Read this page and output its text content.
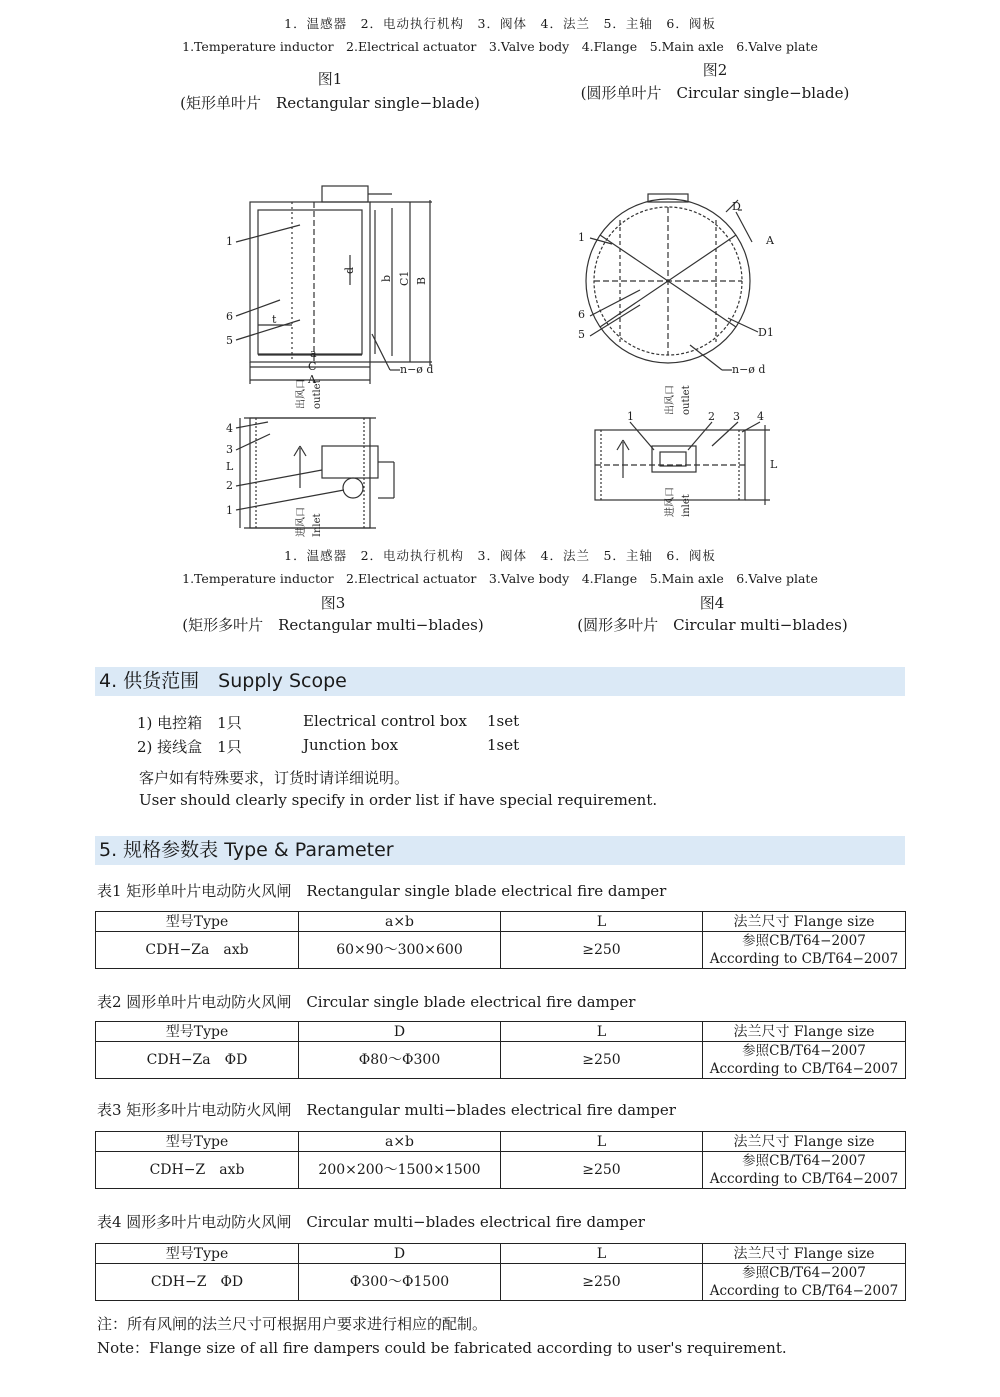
1．温感器　2．电动执行机构　3．阀体　4．法兰　5．主轴　6．阀板
1.Temperature inductor　2.Electrical actuator　3.Valve body　4.Flange　5.Main axle　6.Valve plate
图1
(矩形单叶片　Rectangular single−blade)
图2
(圆形单叶片　Circular single−blade)
1
6
5
a
C
A
t
d
b C1 B
n−ø d
1
6
5
D
A
D1
n−ø d
4
3
2
1
L
出风口 outlet
进风口 Inlet
1	2 3 4
L
出风口 outlet
进风口 inlet
1．温感器　2．电动执行机构　3．阀体　4．法兰　5．主轴　6．阀板
1.Temperature inductor　2.Electrical actuator　3.Valve body　4.Flange　5.Main axle　6.Valve plate
图3
(矩形多叶片　Rectangular multi−blades)
图4
(圆形多叶片　Circular multi−blades)
4. 供货范围　Supply Scope
1) 电控箱　1只	Electrical control box 1set
2) 接线盒　1只	Junction box	1set
客户如有特殊要求，订货时请详细说明。
User should clearly specify in order list if have special requirement.
5. 规格参数表 Type & Parameter
表1 矩形单叶片电动防火风闸　Rectangular single blade electrical fire damper
型号Type	a×b	L	法兰尺寸 Flange size
CDH−Za　axb	60×90～300×600	≥250	参照CB/T64−2007
According to CB/T64−2007
表2 圆形单叶片电动防火风闸　Circular single blade electrical fire damper
型号Type	D	L	法兰尺寸 Flange size
CDH−Za　ΦD	Φ80～Φ300	≥250	参照CB/T64−2007
According to CB/T64−2007
表3 矩形多叶片电动防火风闸　Rectangular multi−blades electrical fire damper
型号Type	a×b	L	法兰尺寸 Flange size
CDH−Z　axb	200×200～1500×1500	≥250	参照CB/T64−2007
According to CB/T64−2007
表4 圆形多叶片电动防火风闸　Circular multi−blades electrical fire damper
型号Type	D	L	法兰尺寸 Flange size
CDH−Z　ΦD	Φ300～Φ1500	≥250	参照CB/T64−2007
According to CB/T64−2007
注：所有风闸的法兰尺寸可根据用户要求进行相应的配制。
Note：Flange size of all fire dampers could be fabricated according to user's requirement.
